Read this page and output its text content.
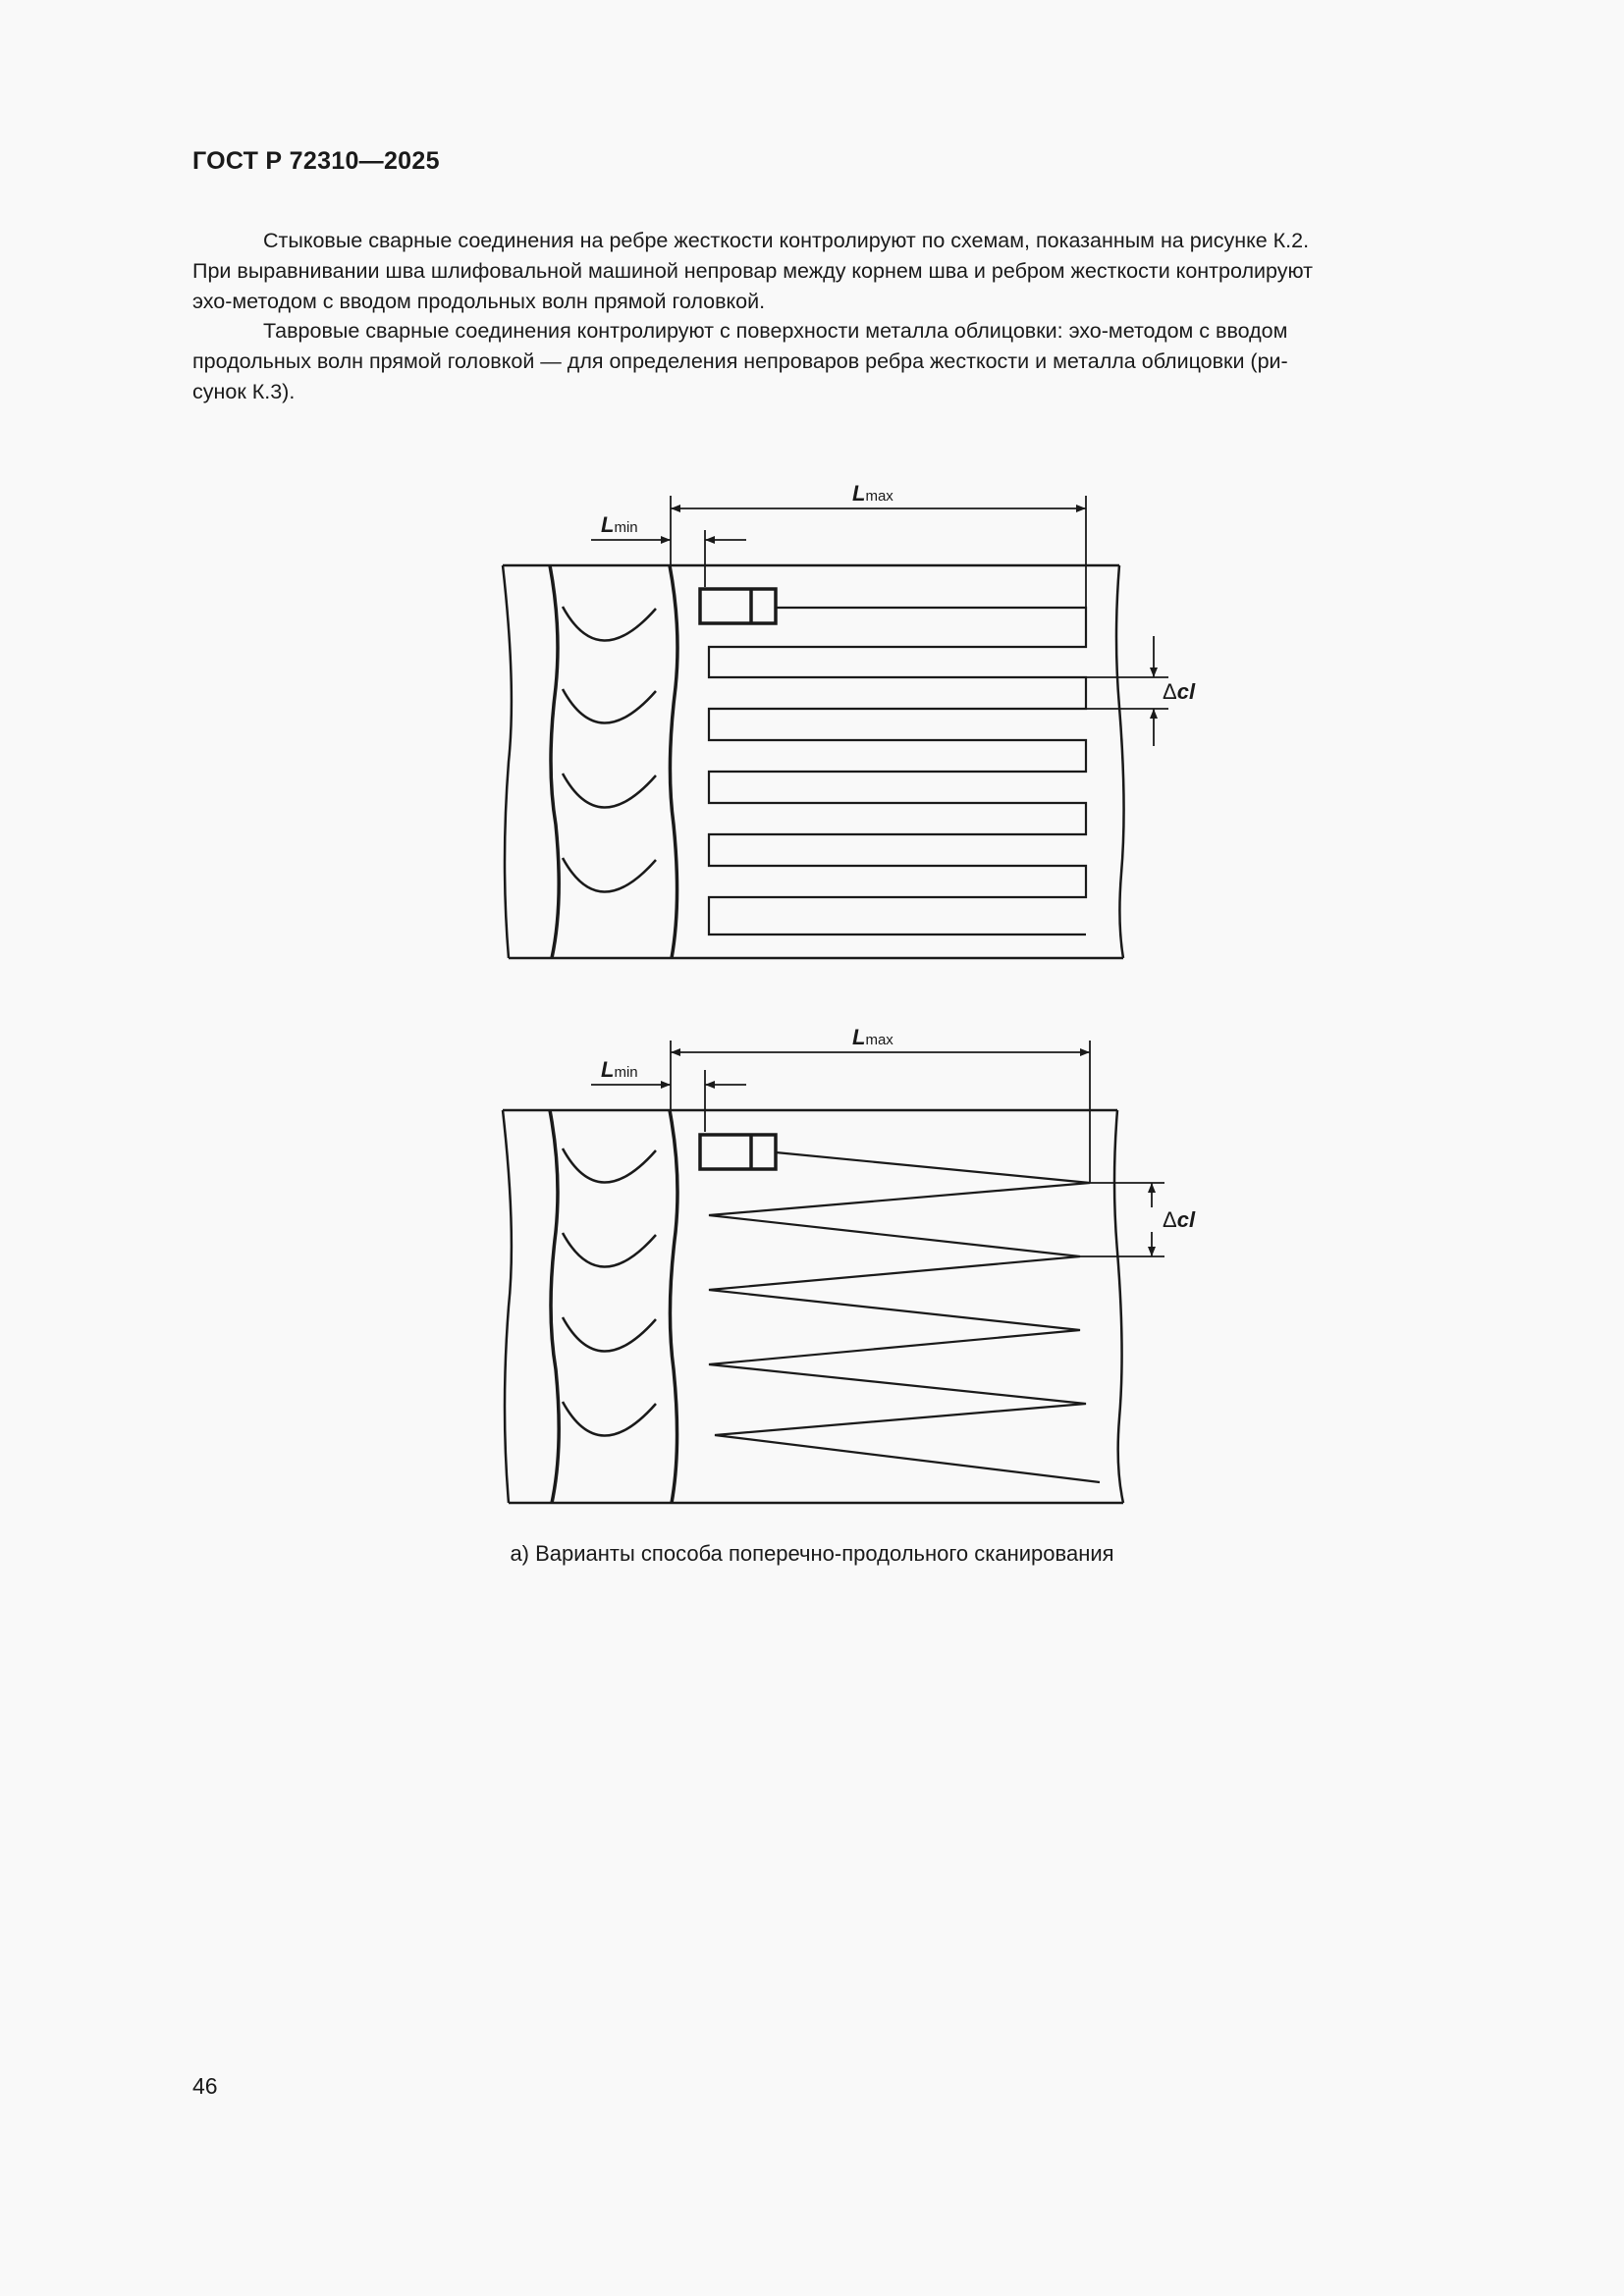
ГОСТ Р 72310—2025

Стыковые сварные соединения на ребре жесткости контролируют по схемам, показанным на рисунке К.2.
При выравнивании шва шлифовальной машиной непровар между корнем шва и ребром жесткости контролируют
эхо-методом с вводом продольных волн прямой головкой.

Тавровые сварные соединения контролируют с поверхности металла облицовки: эхо-методом с вводом
продольных волн прямой головкой — для определения непроваров ребра жесткости и металла облицовки (ри-
сунок К.3).

Lmax
Lmin
Δcl
Lmax
Lmin
Δcl
а) Варианты способа поперечно-продольного сканирования
46
